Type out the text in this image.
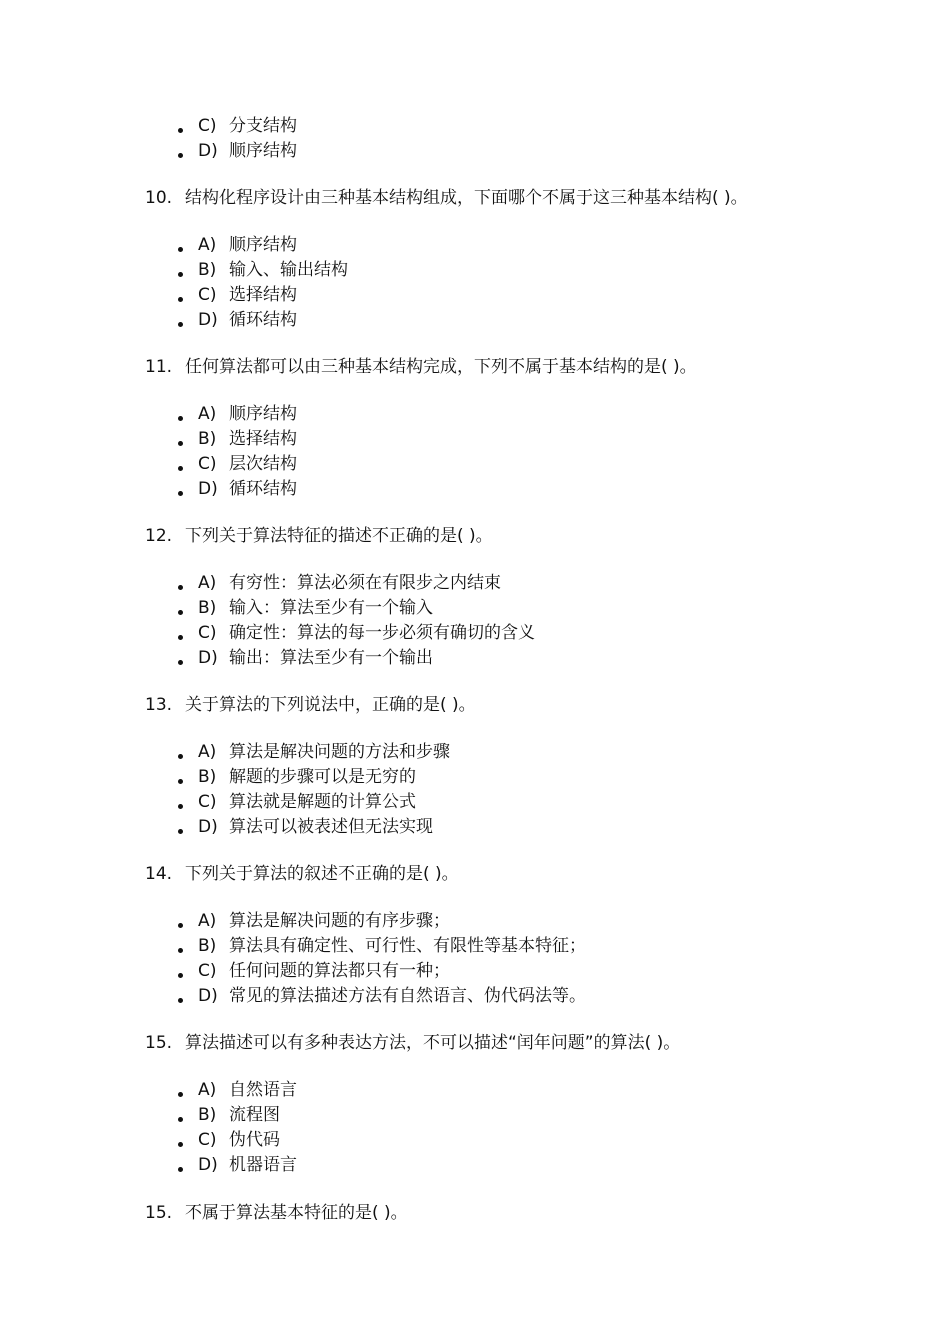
C) 分支结构
D) 顺序结构
10. 结构化程序设计由三种基本结构组成，下面哪个不属于这三种基本结构( )。
A) 顺序结构
B) 输入、输出结构
C) 选择结构
D) 循环结构
11. 任何算法都可以由三种基本结构完成，下列不属于基本结构的是( )。
A) 顺序结构
B) 选择结构
C) 层次结构
D) 循环结构
12. 下列关于算法特征的描述不正确的是( )。
A) 有穷性：算法必须在有限步之内结束
B) 输入：算法至少有一个输入
C) 确定性：算法的每一步必须有确切的含义
D) 输出：算法至少有一个输出
13. 关于算法的下列说法中，正确的是( )。
A) 算法是解决问题的方法和步骤
B) 解题的步骤可以是无穷的
C) 算法就是解题的计算公式
D) 算法可以被表述但无法实现
14. 下列关于算法的叙述不正确的是( )。
A) 算法是解决问题的有序步骤；
B) 算法具有确定性、可行性、有限性等基本特征；
C) 任何问题的算法都只有一种；
D) 常见的算法描述方法有自然语言、伪代码法等。
15. 算法描述可以有多种表达方法，不可以描述“闰年问题”的算法( )。
A) 自然语言
B) 流程图
C) 伪代码
D) 机器语言
15. 不属于算法基本特征的是( )。
